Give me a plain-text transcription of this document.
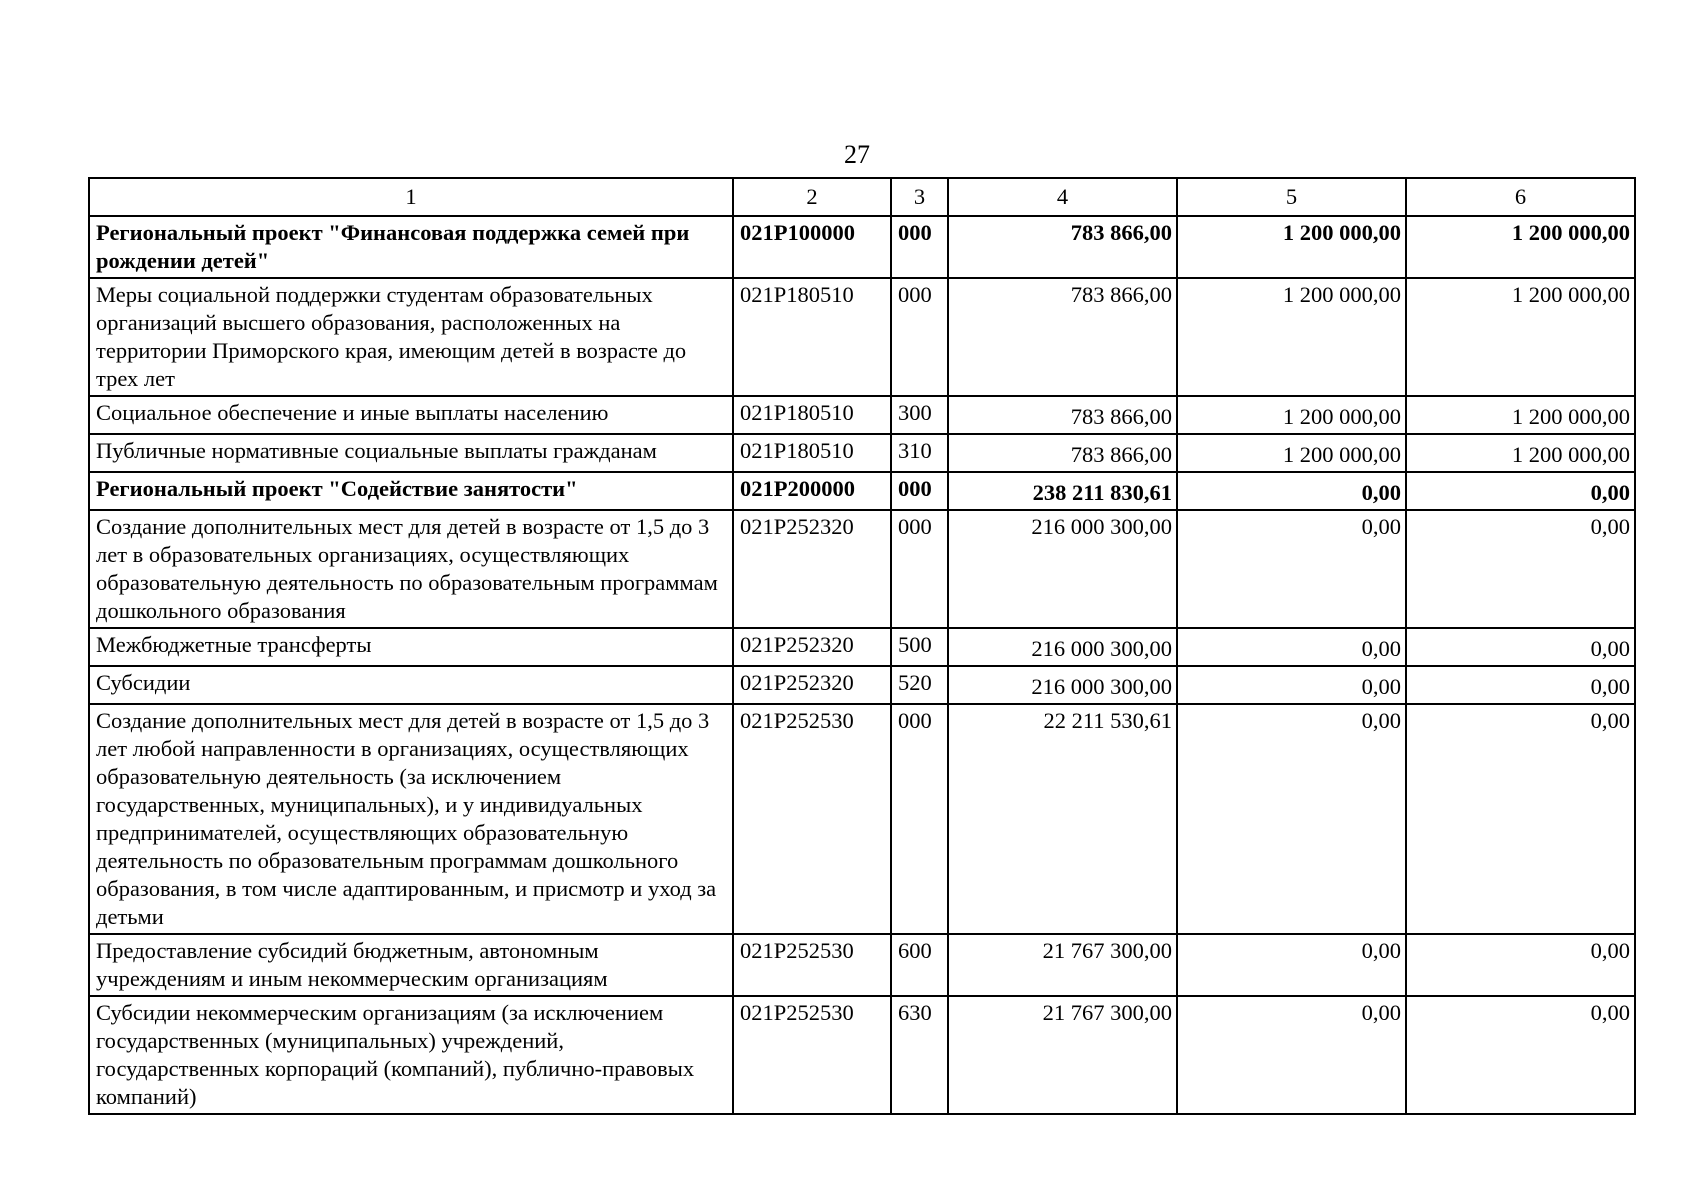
27
1	2	3	4	5	6
Региональный проект "Финансовая поддержка семей при рождении детей"	021P100000	000	783 866,00	1 200 000,00	1 200 000,00
Меры социальной поддержки студентам образовательных организаций высшего образования, расположенных на территории Приморского края, имеющим детей в возрасте до трех лет	021P180510	000	783 866,00	1 200 000,00	1 200 000,00
Социальное обеспечение и иные выплаты населению	021P180510	300	783 866,00	1 200 000,00	1 200 000,00
Публичные нормативные социальные выплаты гражданам	021P180510	310	783 866,00	1 200 000,00	1 200 000,00
Региональный проект "Содействие занятости"	021P200000	000	238 211 830,61	0,00	0,00
Создание дополнительных мест для детей в возрасте от 1,5 до 3 лет в образовательных организациях, осуществляющих образовательную деятельность по образовательным программам дошкольного образования	021P252320	000	216 000 300,00	0,00	0,00
Межбюджетные трансферты	021P252320	500	216 000 300,00	0,00	0,00
Субсидии	021P252320	520	216 000 300,00	0,00	0,00
Создание дополнительных мест для детей в возрасте от 1,5 до 3 лет любой направленности в организациях, осуществляющих образовательную деятельность (за исключением государственных, муниципальных), и у индивидуальных предпринимателей, осуществляющих образовательную деятельность по образовательным программам дошкольного образования, в том числе адаптированным, и присмотр и уход за детьми	021P252530	000	22 211 530,61	0,00	0,00
Предоставление субсидий бюджетным, автономным учреждениям и иным некоммерческим организациям	021P252530	600	21 767 300,00	0,00	0,00
Субсидии некоммерческим организациям (за исключением государственных (муниципальных) учреждений, государственных корпораций (компаний), публично-правовых компаний)	021P252530	630	21 767 300,00	0,00	0,00
